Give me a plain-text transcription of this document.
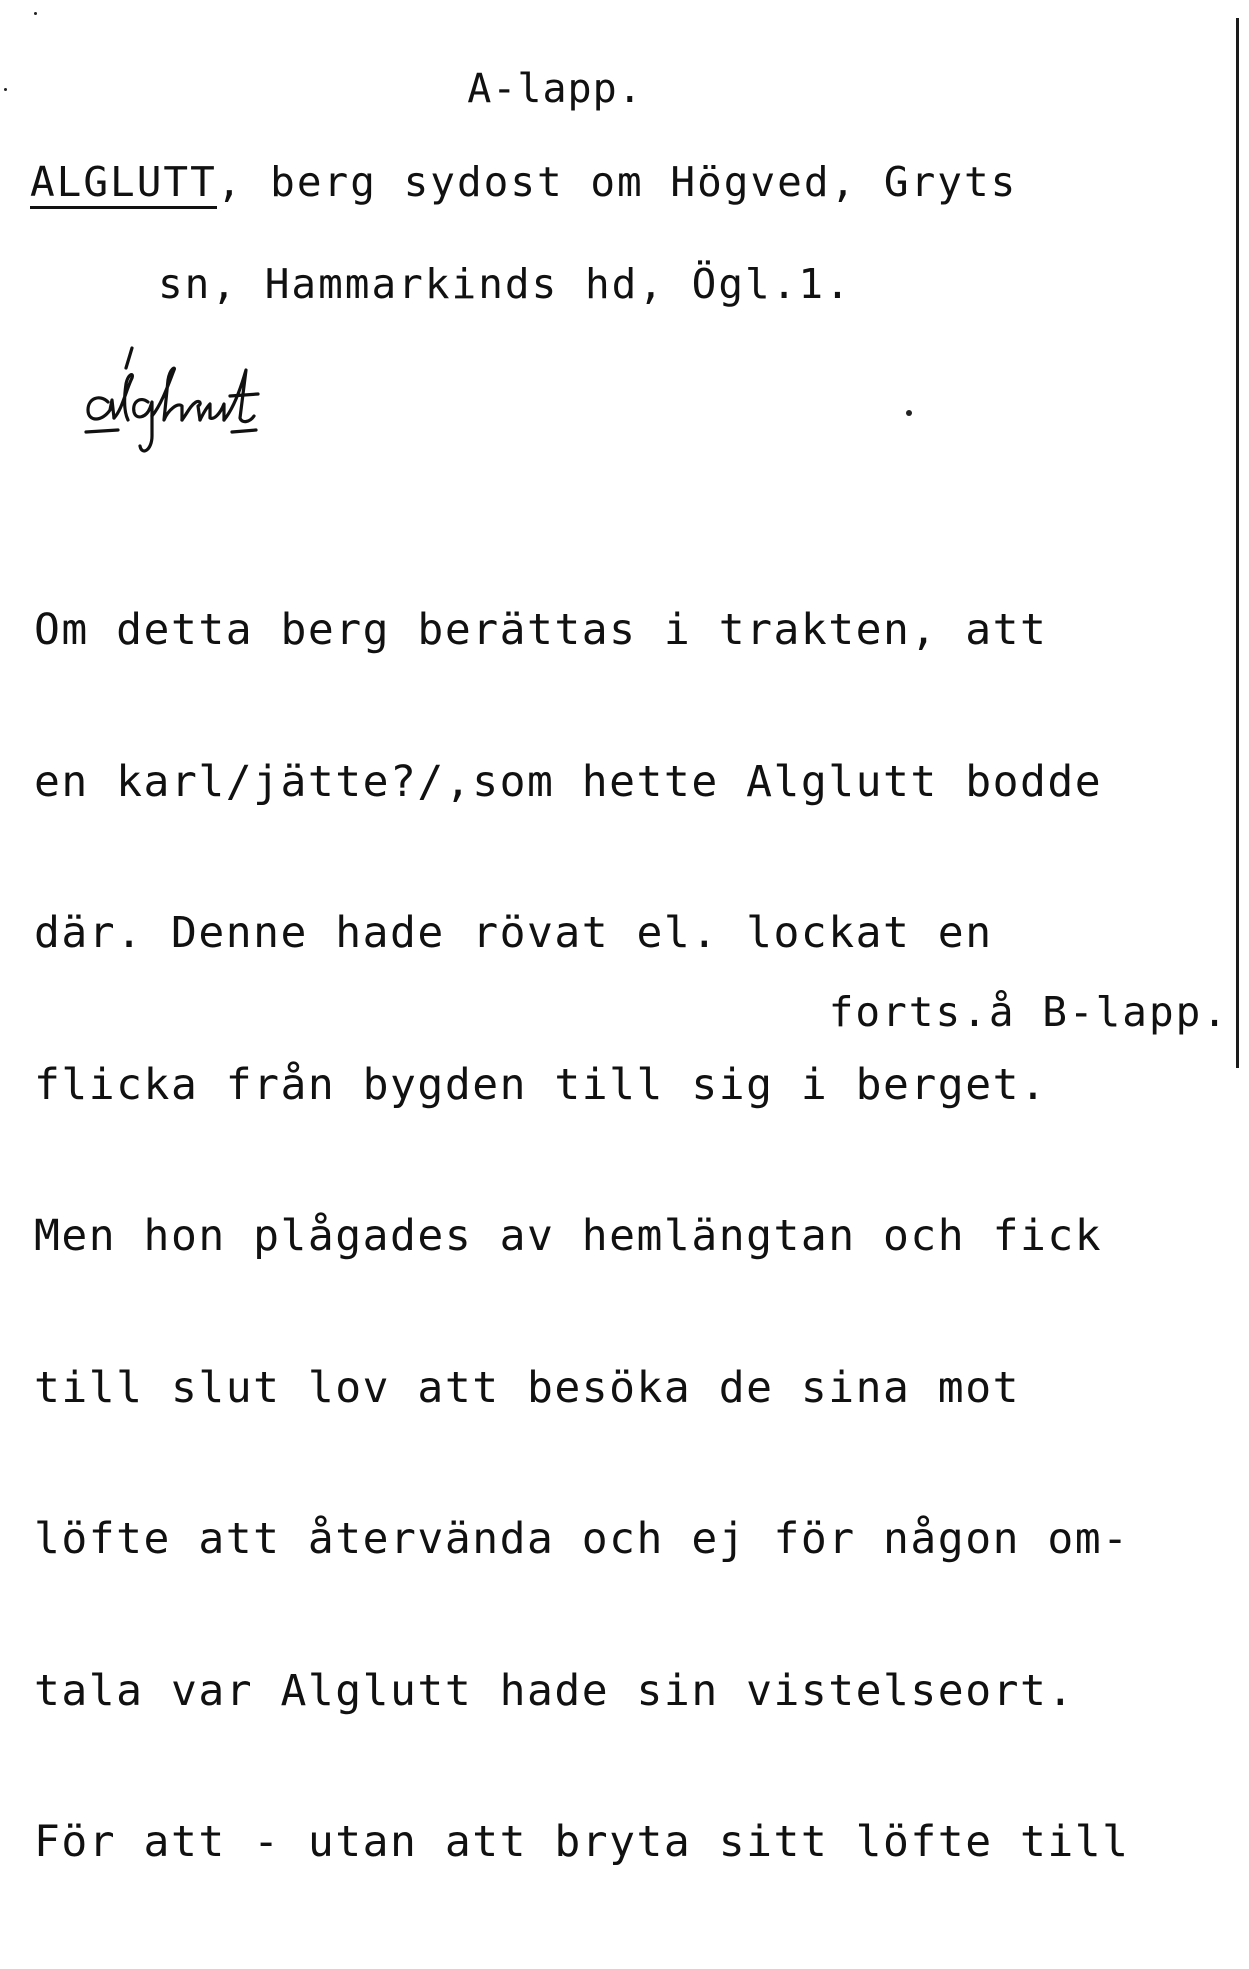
A-lapp.
ALGLUTT, berg sydost om Högved, Gryts
sn, Hammarkinds hd, Ögl.1.

Om detta berg berättas i trakten, att

en karl/jätte?/,som hette Alglutt bodde

där. Denne hade rövat el. lockat en

flicka från bygden till sig i berget.

Men hon plågades av hemlängtan och fick

till slut lov att besöka de sina mot

löfte att återvända och ej för någon om-

tala var Alglutt hade sin vistelseort.

För att - utan att bryta sitt löfte till

forts.å B-lapp.
